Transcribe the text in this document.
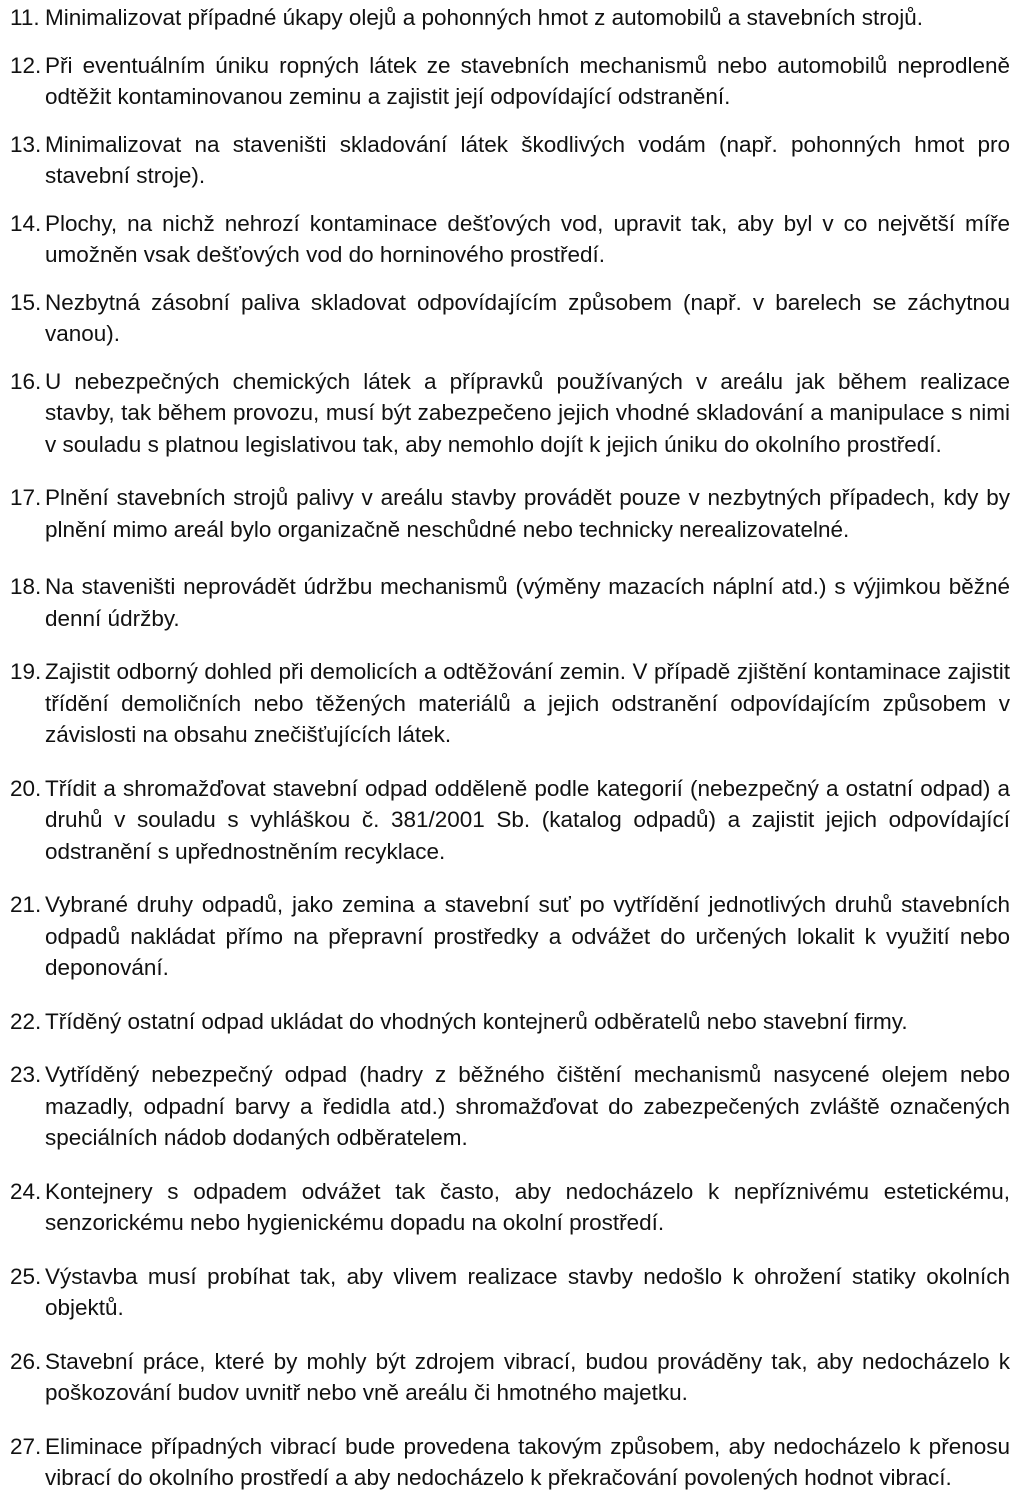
11. Minimalizovat případné úkapy olejů a pohonných hmot z automobilů a stavebních strojů.
12. Při eventuálním úniku ropných látek ze stavebních mechanismů nebo automobilů neprodleně odtěžit kontaminovanou zeminu a zajistit její odpovídající odstranění.
13. Minimalizovat na staveništi skladování látek škodlivých vodám (např. pohonných hmot pro stavební stroje).
14. Plochy, na nichž nehrozí kontaminace dešťových vod, upravit tak, aby byl v co největší míře umožněn vsak dešťových vod do horninového prostředí.
15. Nezbytná zásobní paliva skladovat odpovídajícím způsobem (např. v barelech se záchytnou vanou).
16. U nebezpečných chemických látek a přípravků používaných v areálu jak během realizace stavby, tak během provozu, musí být zabezpečeno jejich vhodné skladování a manipulace s nimi v souladu s platnou legislativou tak, aby nemohlo dojít k jejich úniku do okolního prostředí.
17. Plnění stavebních strojů palivy v areálu stavby provádět pouze v nezbytných případech, kdy by plnění mimo areál bylo organizačně neschůdné nebo technicky nerealizovatelné.
18. Na staveništi neprovádět údržbu mechanismů (výměny mazacích náplní atd.) s výjimkou běžné denní údržby.
19. Zajistit odborný dohled při demolicích a odtěžování zemin. V případě zjištění kontaminace zajistit třídění demoličních nebo těžených materiálů a jejich odstranění odpovídajícím způsobem v závislosti na obsahu znečišťujících látek.
20. Třídit a shromažďovat stavební odpad odděleně podle kategorií (nebezpečný a ostatní odpad) a druhů v souladu s vyhláškou č. 381/2001 Sb. (katalog odpadů) a zajistit jejich odpovídající odstranění s upřednostněním recyklace.
21. Vybrané druhy odpadů, jako zemina a stavební suť po vytřídění jednotlivých druhů stavebních odpadů nakládat přímo na přepravní prostředky a odvážet do určených lokalit k využití nebo deponování.
22. Tříděný ostatní odpad ukládat do vhodných kontejnerů odběratelů nebo stavební firmy.
23. Vytříděný nebezpečný odpad (hadry z běžného čištění mechanismů nasycené olejem nebo mazadly, odpadní barvy a ředidla atd.) shromažďovat do zabezpečených zvláště označených speciálních nádob dodaných odběratelem.
24. Kontejnery s odpadem odvážet tak často, aby nedocházelo k nepříznivému estetickému, senzorickému nebo hygienickému dopadu na okolní prostředí.
25. Výstavba musí probíhat tak, aby vlivem realizace stavby nedošlo k ohrožení statiky okolních objektů.
26. Stavební práce, které by mohly být zdrojem vibrací, budou prováděny tak, aby nedocházelo k poškozování budov uvnitř nebo vně areálu či hmotného majetku.
27. Eliminace případných vibrací bude provedena takovým způsobem, aby nedocházelo k přenosu vibrací do okolního prostředí a aby nedocházelo k překračování povolených hodnot vibrací.
